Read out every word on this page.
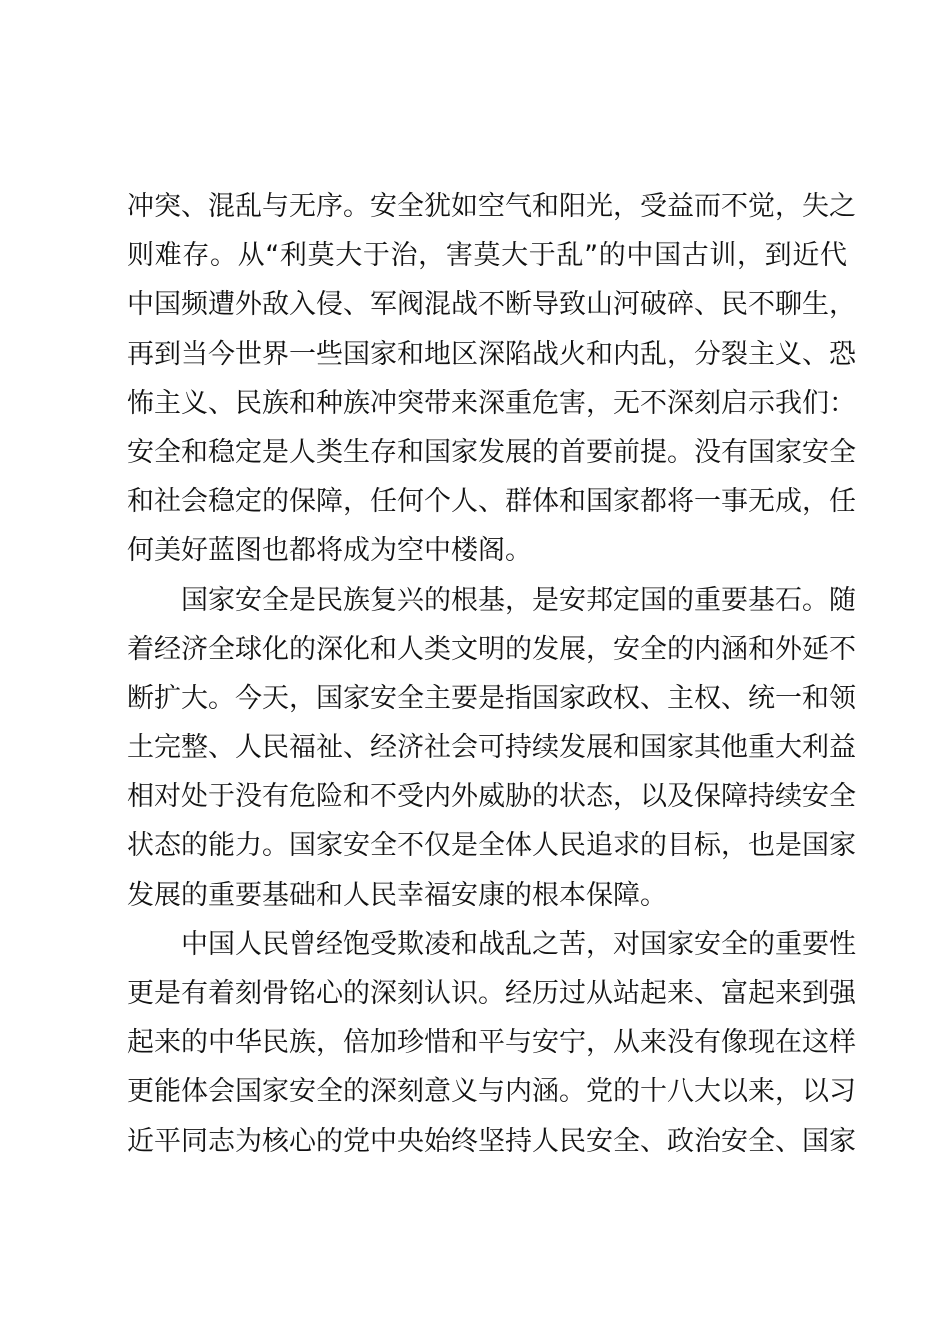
冲突、混乱与无序。安全犹如空气和阳光，受益而不觉，失之
则难存。从“利莫大于治，害莫大于乱”的中国古训，到近代
中国频遭外敌入侵、军阀混战不断导致山河破碎、民不聊生，
再到当今世界一些国家和地区深陷战火和内乱，分裂主义、恐
怖主义、民族和种族冲突带来深重危害，无不深刻启示我们：
安全和稳定是人类生存和国家发展的首要前提。没有国家安全
和社会稳定的保障，任何个人、群体和国家都将一事无成，任
何美好蓝图也都将成为空中楼阁。
国家安全是民族复兴的根基，是安邦定国的重要基石。随
着经济全球化的深化和人类文明的发展，安全的内涵和外延不
断扩大。今天，国家安全主要是指国家政权、主权、统一和领
土完整、人民福祉、经济社会可持续发展和国家其他重大利益
相对处于没有危险和不受内外威胁的状态，以及保障持续安全
状态的能力。国家安全不仅是全体人民追求的目标，也是国家
发展的重要基础和人民幸福安康的根本保障。
中国人民曾经饱受欺凌和战乱之苦，对国家安全的重要性
更是有着刻骨铭心的深刻认识。经历过从站起来、富起来到强
起来的中华民族，倍加珍惜和平与安宁，从来没有像现在这样
更能体会国家安全的深刻意义与内涵。党的十八大以来，以习
近平同志为核心的党中央始终坚持人民安全、政治安全、国家
